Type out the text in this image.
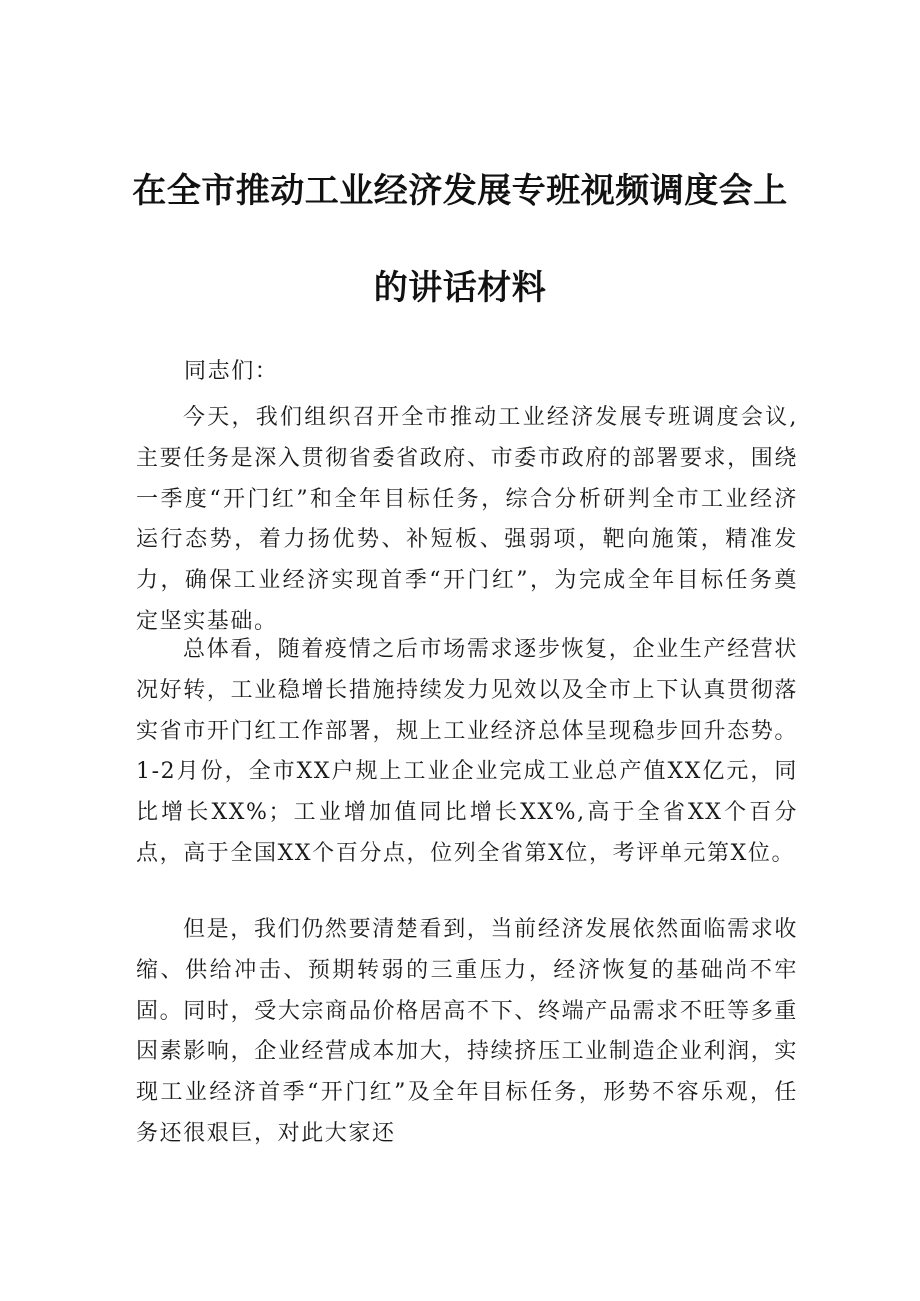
在全市推动工业经济发展专班视频调度会上
的讲话材料

同志们：

今天，我们组织召开全市推动工业经济发展专班调度会议,主要任务是深入贯彻省委省政府、市委市政府的部署要求，围绕一季度“开门红”和全年目标任务，综合分析研判全市工业经济运行态势，着力扬优势、补短板、强弱项，靶向施策，精准发力，确保工业经济实现首季“开门红”，为完成全年目标任务奠定坚实基础。

总体看，随着疫情之后市场需求逐步恢复，企业生产经营状况好转，工业稳增长措施持续发力见效以及全市上下认真贯彻落实省市开门红工作部署，规上工业经济总体呈现稳步回升态势。1-2月份，全市XX户规上工业企业完成工业总产值XX亿元，同比增长XX%；工业增加值同比增长XX%,高于全省XX个百分点，高于全国XX个百分点，位列全省第X位，考评单元第X位。

但是，我们仍然要清楚看到，当前经济发展依然面临需求收缩、供给冲击、预期转弱的三重压力，经济恢复的基础尚不牢固。同时，受大宗商品价格居高不下、终端产品需求不旺等多重因素影响，企业经营成本加大，持续挤压工业制造企业利润，实现工业经济首季“开门红”及全年目标任务，形势不容乐观，任务还很艰巨，对此大家还
